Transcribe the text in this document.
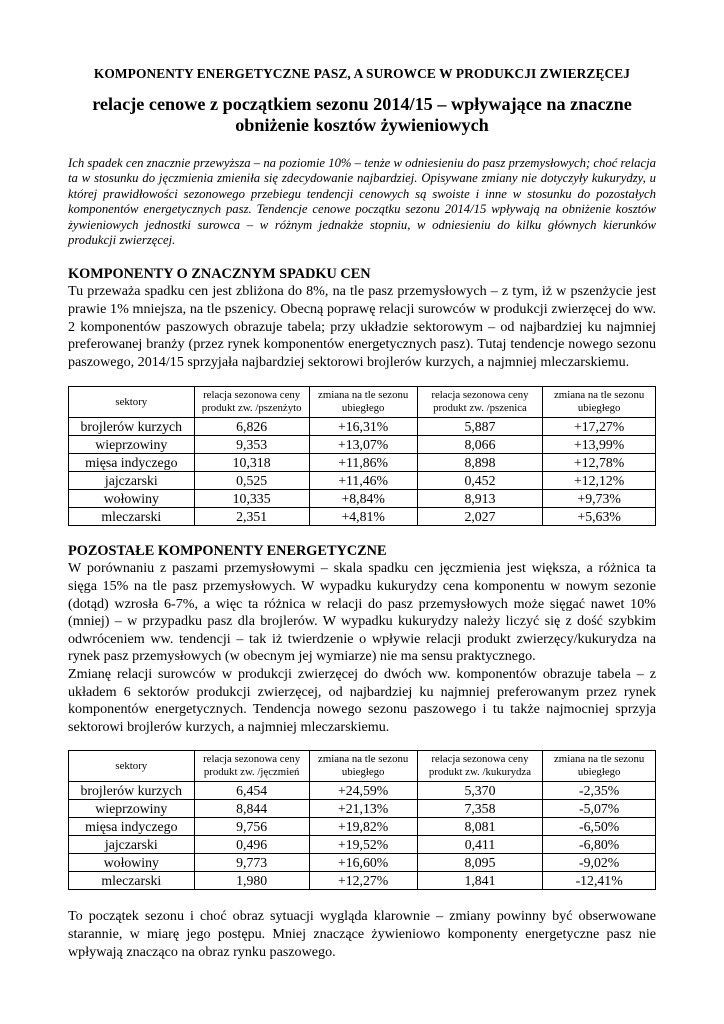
KOMPONENTY ENERGETYCZNE PASZ, A SUROWCE W PRODUKCJI ZWIERZĘCEJ
relacje cenowe z początkiem sezonu 2014/15 – wpływające na znaczne obniżenie kosztów żywieniowych

Ich spadek cen znacznie przewyższa – na poziomie 10% – tenże w odniesieniu do pasz przemysłowych; choć relacja ta w stosunku do jęczmienia zmieniła się zdecydowanie najbardziej. Opisywane zmiany nie dotyczyły kukurydzy, u której prawidłowości sezonowego przebiegu tendencji cenowych są swoiste i inne w stosunku do pozostałych komponentów energetycznych pasz. Tendencje cenowe początku sezonu 2014/15 wpływają na obniżenie kosztów żywieniowych jednostki surowca – w różnym jednakże stopniu, w odniesieniu do kilku głównych kierunków produkcji zwierzęcej.

KOMPONENTY O ZNACZNYM SPADKU CEN

Tu przeważa spadku cen jest zbliżona do 8%, na tle pasz przemysłowych – z tym, iż w pszenżycie jest prawie 1% mniejsza, na tle pszenicy. Obecną poprawę relacji surowców w produkcji zwierzęcej do ww. 2 komponentów paszowych obrazuje tabela; przy układzie sektorowym – od najbardziej ku najmniej preferowanej branży (przez rynek komponentów energetycznych pasz). Tutaj tendencje nowego sezonu paszowego, 2014/15 sprzyjała najbardziej sektorowi brojlerów kurzych, a najmniej mleczarskiemu.

sektory	relacja sezonowa ceny produkt zw. /pszenżyto	zmiana na tle sezonu ubiegłego	relacja sezonowa ceny produkt zw. /pszenica	zmiana na tle sezonu ubiegłego
brojlerów kurzych	6,826	+16,31%	5,887	+17,27%
wieprzowiny	9,353	+13,07%	8,066	+13,99%
mięsa indyczego	10,318	+11,86%	8,898	+12,78%
jajczarski	0,525	+11,46%	0,452	+12,12%
wołowiny	10,335	+8,84%	8,913	+9,73%
mleczarski	2,351	+4,81%	2,027	+5,63%
POZOSTAŁE KOMPONENTY ENERGETYCZNE

W porównaniu z paszami przemysłowymi – skala spadku cen jęczmienia jest większa, a różnica ta sięga 15% na tle pasz przemysłowych. W wypadku kukurydzy cena komponentu w nowym sezonie (dotąd) wzrosła 6-7%, a więc ta różnica w relacji do pasz przemysłowych może sięgać nawet 10% (mniej) – w przypadku pasz dla brojlerów. W wypadku kukurydzy należy liczyć się z dość szybkim odwróceniem ww. tendencji – tak iż twierdzenie o wpływie relacji produkt zwierzęcy/kukurydza na rynek pasz przemysłowych (w obecnym jej wymiarze) nie ma sensu praktycznego.

Zmianę relacji surowców w produkcji zwierzęcej do dwóch ww. komponentów obrazuje tabela – z układem 6 sektorów produkcji zwierzęcej, od najbardziej ku najmniej preferowanym przez rynek komponentów energetycznych. Tendencja nowego sezonu paszowego i tu także najmocniej sprzyja sektorowi brojlerów kurzych, a najmniej mleczarskiemu.

sektory	relacja sezonowa ceny produkt zw. /jęczmień	zmiana na tle sezonu ubiegłego	relacja sezonowa ceny produkt zw. /kukurydza	zmiana na tle sezonu ubiegłego
brojlerów kurzych	6,454	+24,59%	5,370	-2,35%
wieprzowiny	8,844	+21,13%	7,358	-5,07%
mięsa indyczego	9,756	+19,82%	8,081	-6,50%
jajczarski	0,496	+19,52%	0,411	-6,80%
wołowiny	9,773	+16,60%	8,095	-9,02%
mleczarski	1,980	+12,27%	1,841	-12,41%

To początek sezonu i choć obraz sytuacji wygląda klarownie – zmiany powinny być obserwowane starannie, w miarę jego postępu. Mniej znaczące żywieniowo komponenty energetyczne pasz nie wpływają znacząco na obraz rynku paszowego.
